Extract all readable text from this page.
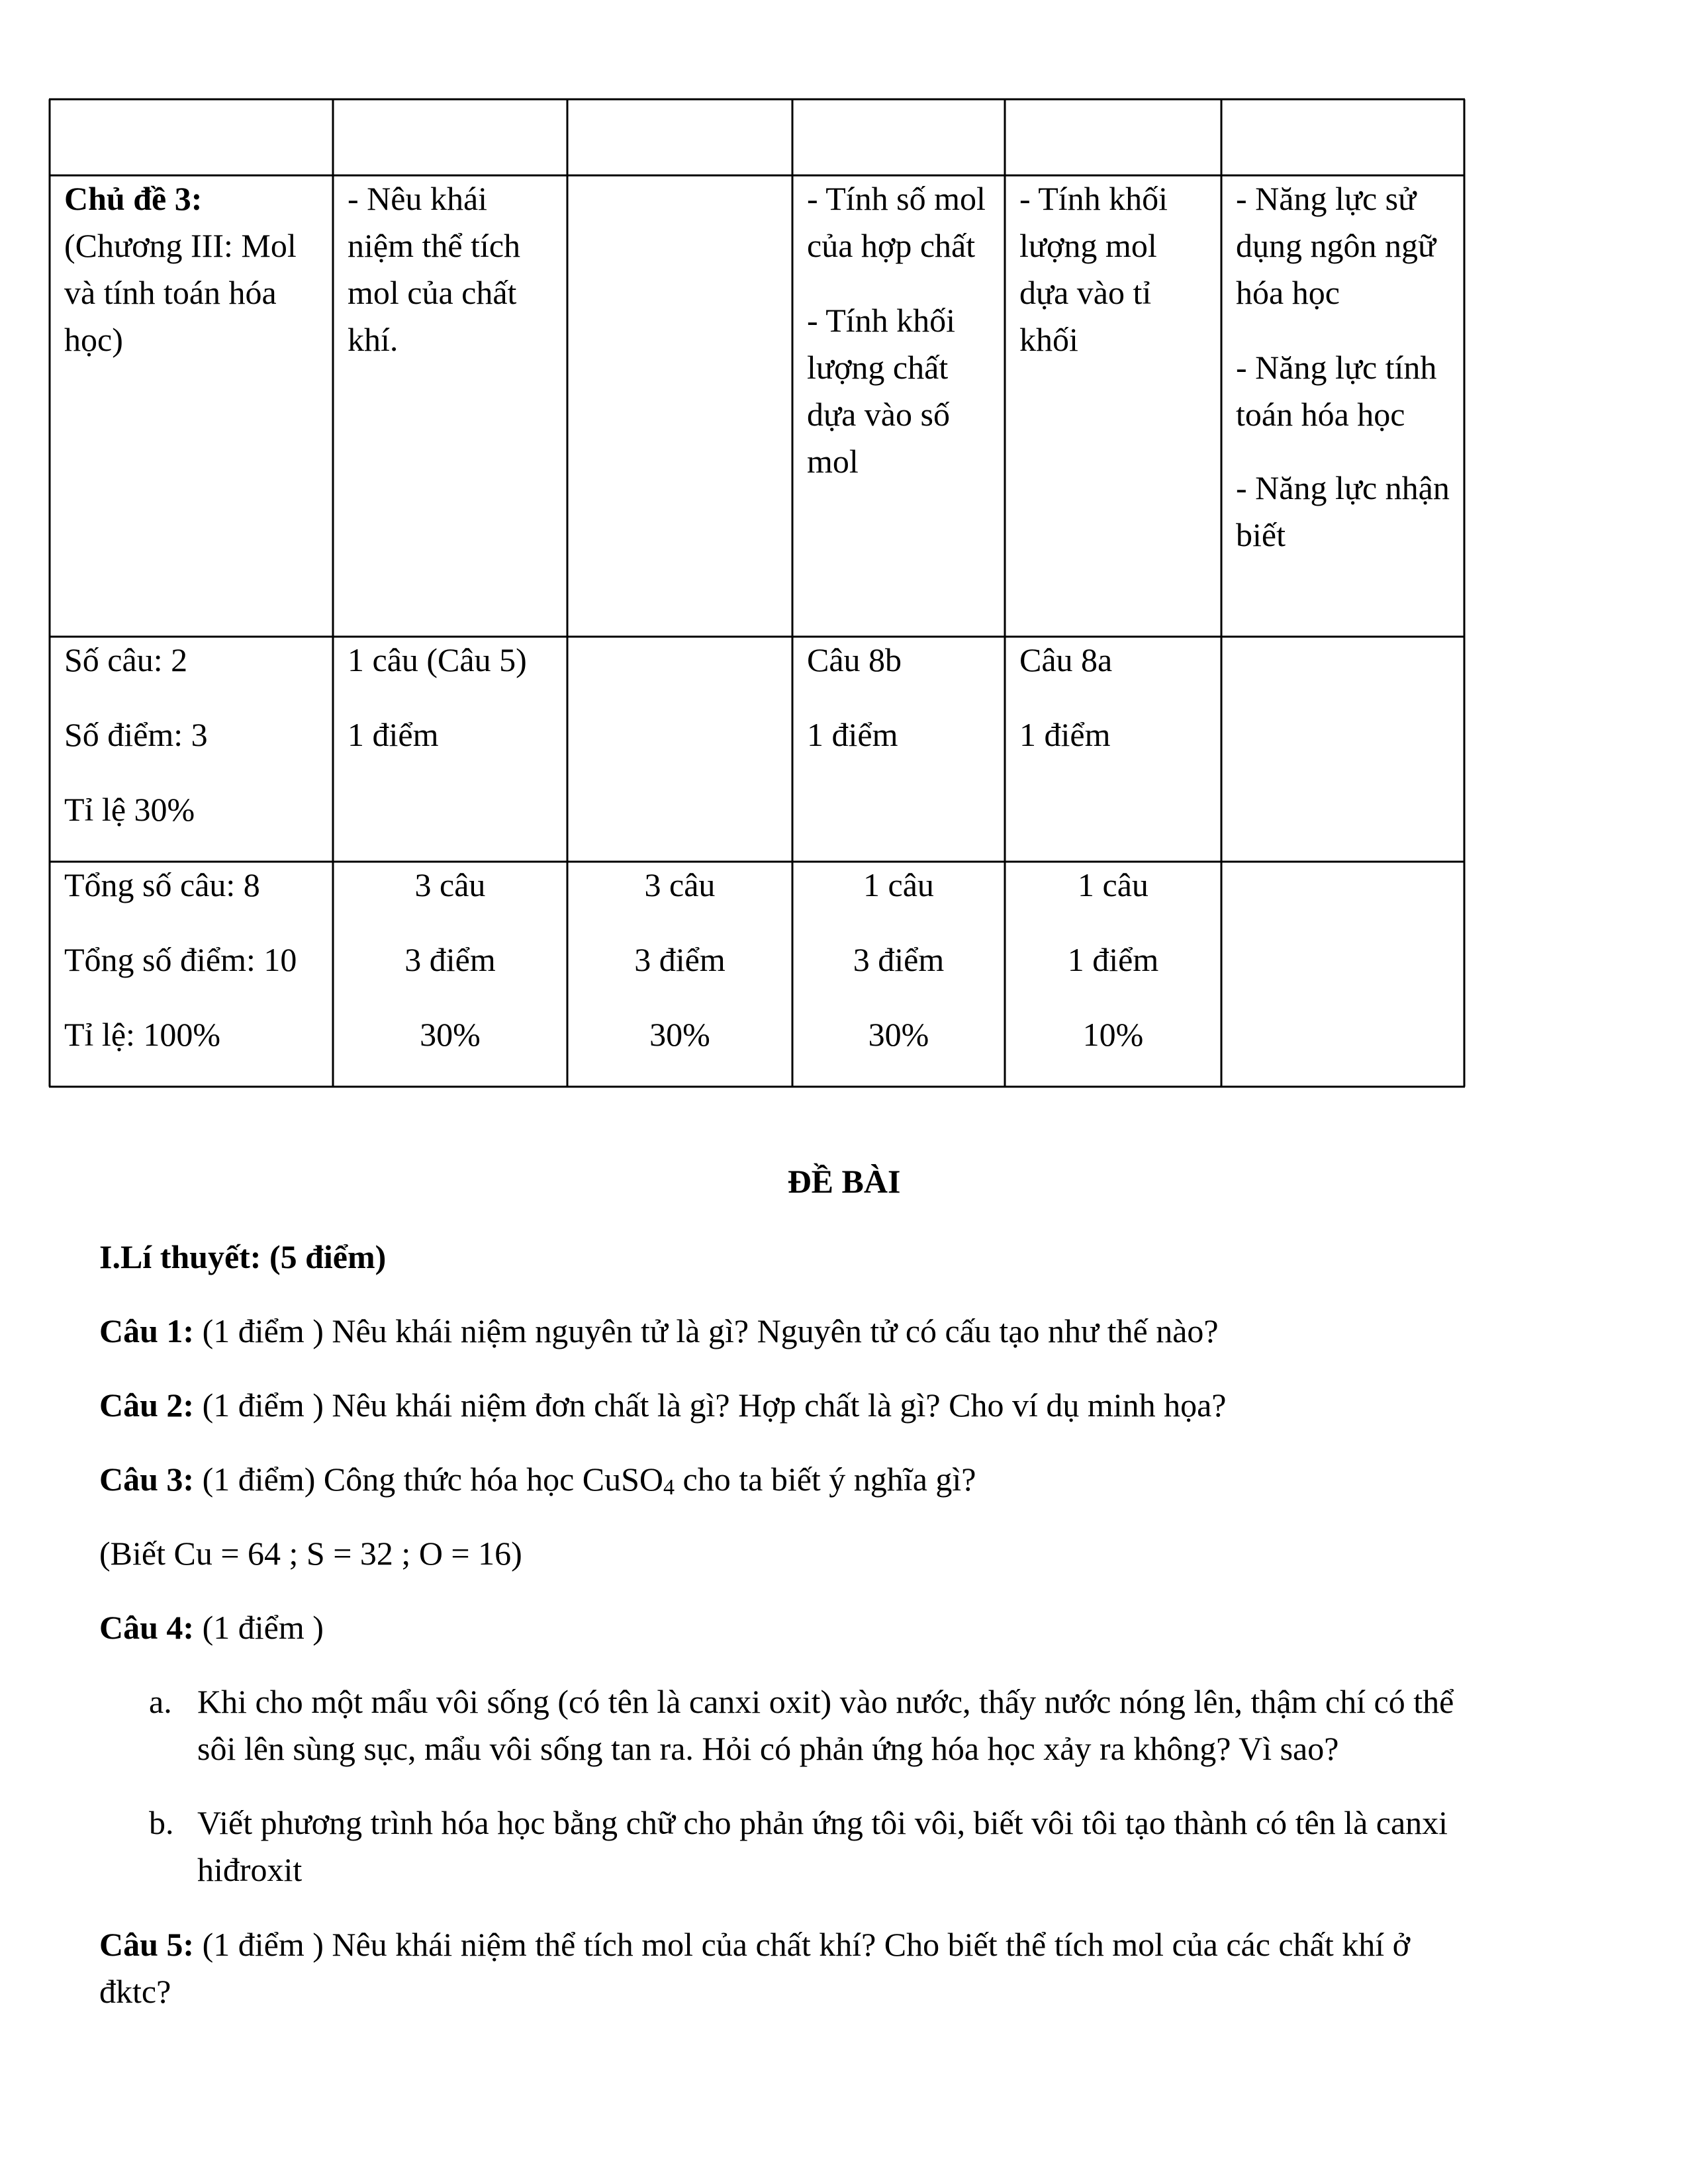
Chủ đề 3:

(Chương III: Mol và tính toán hóa học)

- Nêu khái niệm thể tích mol của chất khí.

- Tính số mol của hợp chất

- Tính khối lượng chất dựa vào số mol

- Tính khối lượng mol dựa vào tỉ khối

- Năng lực sử dụng ngôn ngữ hóa học

- Năng lực tính toán hóa học

- Năng lực nhận biết

Số câu: 2

Số điểm: 3

Tỉ lệ 30%

1 câu (Câu 5)

1 điểm

Câu 8b

1 điểm

Câu 8a

1 điểm

Tổng số câu: 8

Tổng số điểm: 10

Tỉ lệ: 100%

3 câu

3 điểm

30%

3 câu

3 điểm

30%

1 câu

3 điểm

30%

1 câu

1 điểm

10%

ĐỀ BÀI
I.Lí thuyết: (5 điểm)
Câu 1: (1 điểm ) Nêu khái niệm nguyên tử là gì? Nguyên tử có cấu tạo như thế nào?
Câu 2: (1 điểm ) Nêu khái niệm đơn chất là gì? Hợp chất là gì? Cho ví dụ minh họa?
Câu 3: (1 điểm) Công thức hóa học CuSO$_4$ cho ta biết ý nghĩa gì?
(Biết Cu = 64 ; S = 32 ; O = 16)
Câu 4: (1 điểm )
a. Khi cho một mẩu vôi sống (có tên là canxi oxit) vào nước, thấy nước nóng lên, thậm chí có thể
sôi lên sùng sục, mẩu vôi sống tan ra. Hỏi có phản ứng hóa học xảy ra không? Vì sao?
b. Viết phương trình hóa học bằng chữ cho phản ứng tôi vôi, biết vôi tôi tạo thành có tên là canxi
hiđroxit
Câu 5: (1 điểm ) Nêu khái niệm thể tích mol của chất khí? Cho biết thể tích mol của các chất khí ở
đktc?
